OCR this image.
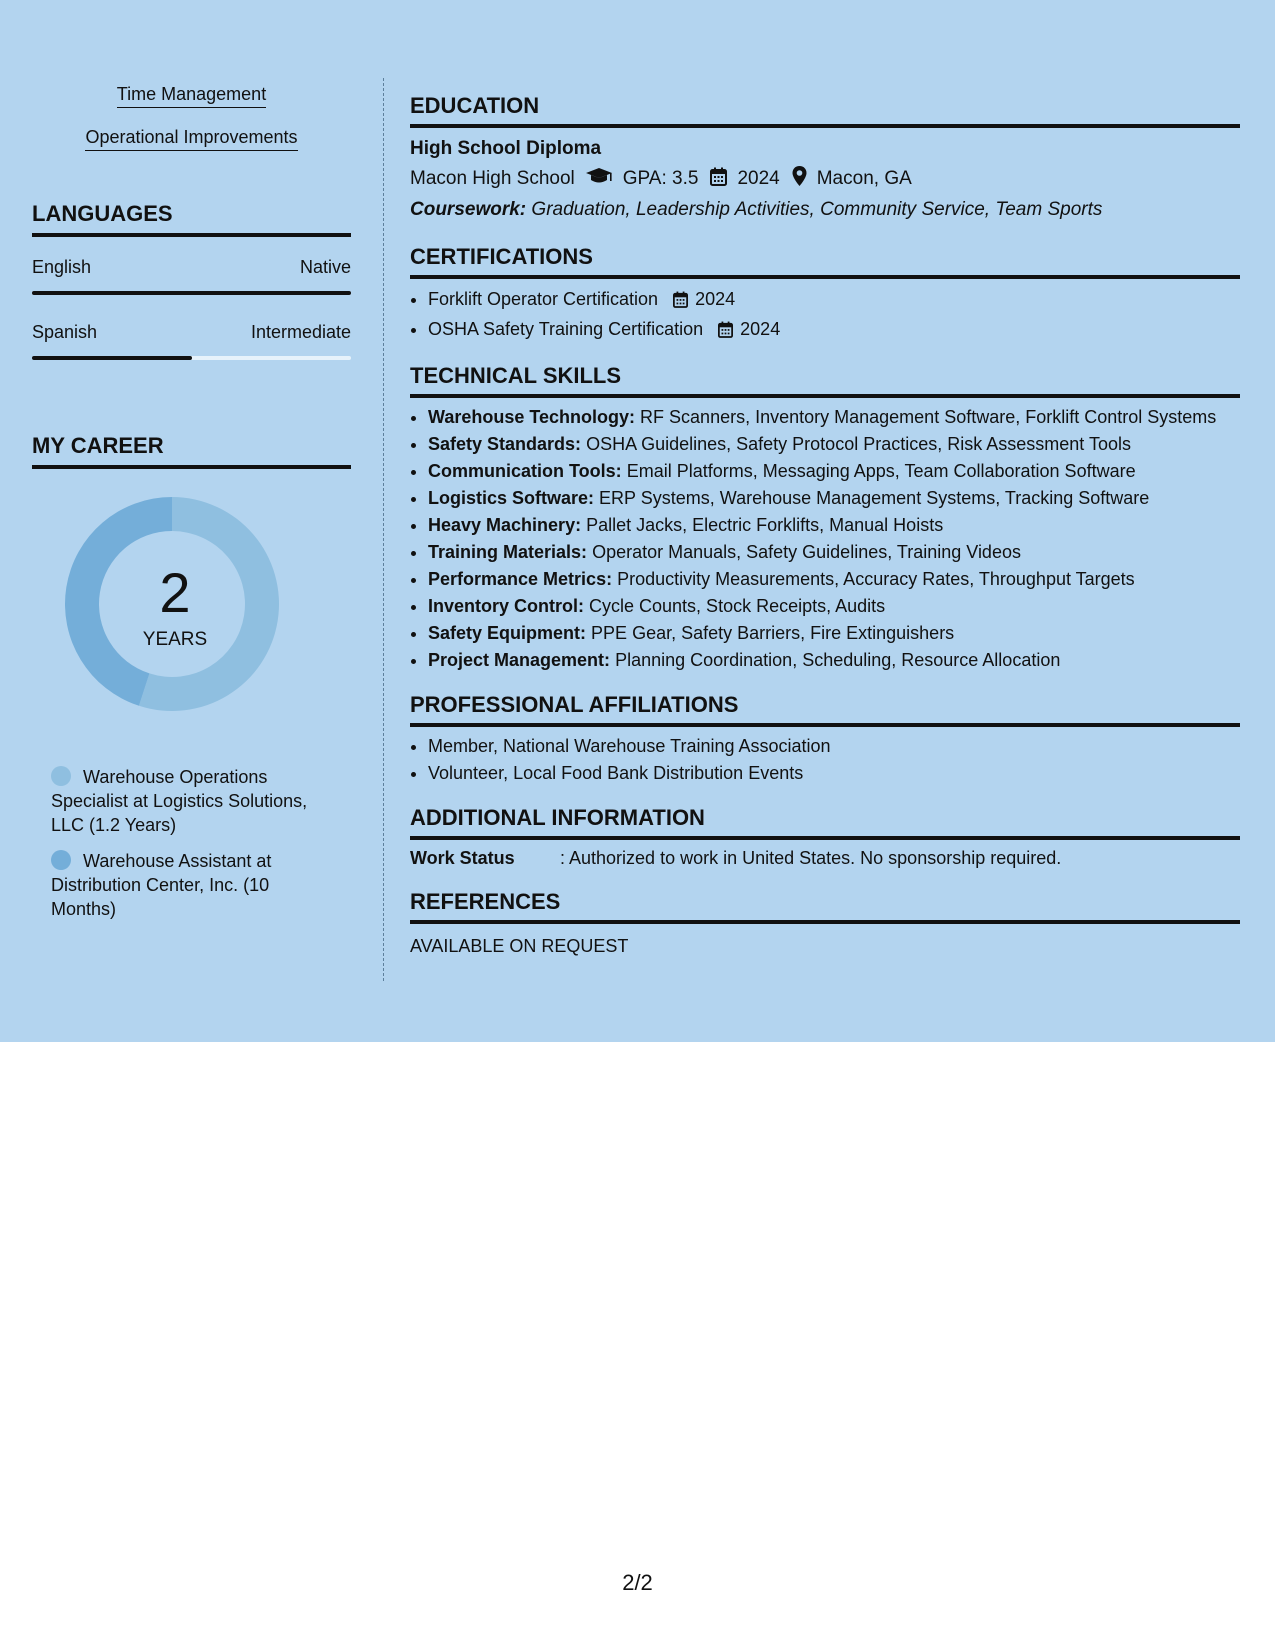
Time Management
Operational Improvements
LANGUAGES
English	Native
Spanish	Intermediate
MY CAREER
2
YEARS
Warehouse Operations Specialist at Logistics Solutions, LLC (1.2 Years)
Warehouse Assistant at Distribution Center, Inc. (10 Months)
EDUCATION
High School Diploma
Macon High School	GPA: 3.5 2024 Macon, GA
Coursework: Graduation, Leadership Activities, Community Service, Team Sports
CERTIFICATIONS
• Forklift Operator Certification 2024
• OSHA Safety Training Certification 2024
TECHNICAL SKILLS
• Warehouse Technology: RF Scanners, Inventory Management Software, Forklift Control Systems
• Safety Standards: OSHA Guidelines, Safety Protocol Practices, Risk Assessment Tools
• Communication Tools: Email Platforms, Messaging Apps, Team Collaboration Software
• Logistics Software: ERP Systems, Warehouse Management Systems, Tracking Software
• Heavy Machinery: Pallet Jacks, Electric Forklifts, Manual Hoists
• Training Materials: Operator Manuals, Safety Guidelines, Training Videos
• Performance Metrics: Productivity Measurements, Accuracy Rates, Throughput Targets
• Inventory Control: Cycle Counts, Stock Receipts, Audits
• Safety Equipment: PPE Gear, Safety Barriers, Fire Extinguishers
• Project Management: Planning Coordination, Scheduling, Resource Allocation
PROFESSIONAL AFFILIATIONS
• Member, National Warehouse Training Association
• Volunteer, Local Food Bank Distribution Events
ADDITIONAL INFORMATION
Work Status	: Authorized to work in United States. No sponsorship required.
REFERENCES
AVAILABLE ON REQUEST
2/2
